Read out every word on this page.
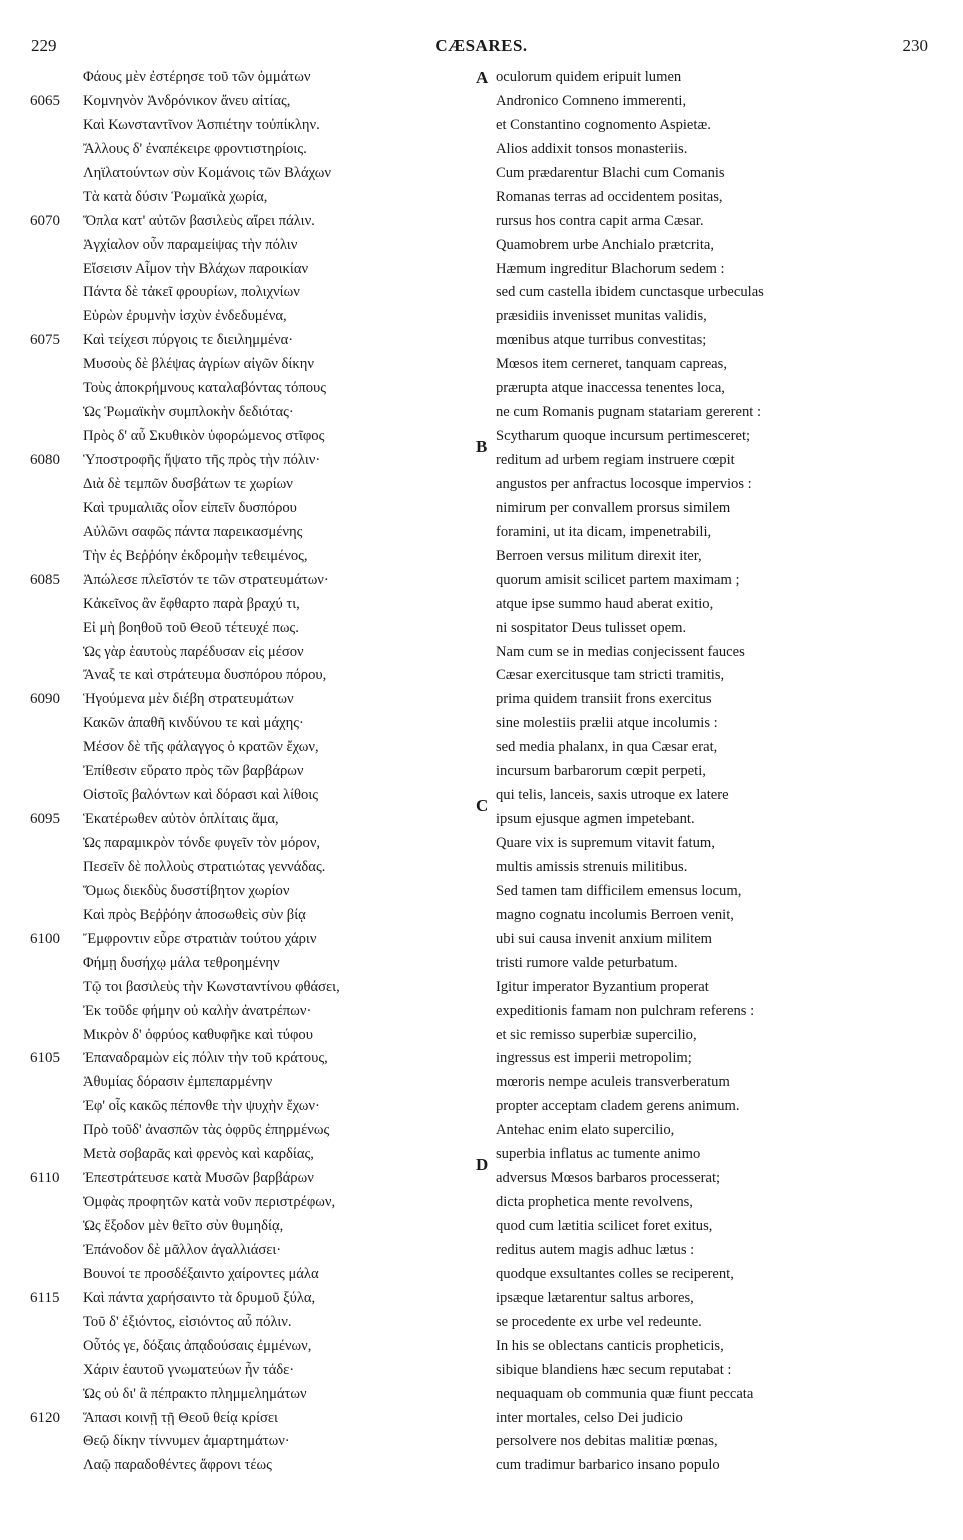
229	CÆSARES.	230
Φάους μὲν ἐστέρησε τοῦ τῶν ὀμμάτων
6065	Κομνηνὸν Ἀνδρόνικον ἄνευ αἰτίας,
Καὶ Κωνσταντῖνον Ἀσπιέτην τοὐπίκλην.
Ἄλλους δ' ἐναπέκειρε φροντιστηρίοις.
Ληϊλατούντων σὺν Κομάνοις τῶν Βλάχων
Τὰ κατὰ δύσιν Ῥωμαϊκὰ χωρία,
6070	Ὅπλα κατ' αὐτῶν βασιλεὺς αἴρει πάλιν.
Ἀγχίαλον οὖν παραμείψας τὴν πόλιν
Εἴσεισιν Αἷμον τὴν Βλάχων παροικίαν
Πάντα δὲ τἀκεῖ φρουρίων, πολιχνίων
Εὑρὼν ἐρυμνὴν ἰσχὺν ἐνδεδυμένα,
6075	Καὶ τείχεσι πύργοις τε διειλημμένα·
Μυσοὺς δὲ βλέψας ἀγρίων αἰγῶν δίκην
Τοὺς ἀποκρήμνους καταλαβόντας τόπους
Ὡς Ῥωμαϊκὴν συμπλοκὴν δεδιότας·
Πρὸς δ' αὖ Σκυθικὸν ὑφορώμενος στῖφος
6080	Ὑποστροφῆς ἥψατο τῆς πρὸς τὴν πόλιν·
Διὰ δὲ τεμπῶν δυσβάτων τε χωρίων
Καὶ τρυμαλιᾶς οἷον εἰπεῖν δυσπόρου
Αὐλῶνι σαφῶς πάντα παρεικασμένης
Τὴν ἐς Βεῤῥόην ἐκδρομὴν τεθειμένος,
6085	Ἀπώλεσε πλεῖστόν τε τῶν στρατευμάτων·
Κἀκεῖνος ἂν ἔφθαρτο παρὰ βραχύ τι,
Εἰ μὴ βοηθοῦ τοῦ Θεοῦ τέτευχέ πως.
Ὡς γὰρ ἑαυτοὺς παρέδυσαν εἰς μέσον
Ἄναξ τε καὶ στράτευμα δυσπόρου πόρου,
6090	Ἡγούμενα μὲν διέβη στρατευμάτων
Κακῶν ἀπαθῆ κινδύνου τε καὶ μάχης·
Μέσον δὲ τῆς φάλαγγος ὁ κρατῶν ἔχων,
Ἐπίθεσιν εὕρατο πρὸς τῶν βαρβάρων
Οἰστοῖς βαλόντων καὶ δόρασι καὶ λίθοις
6095	Ἑκατέρωθεν αὐτὸν ὁπλίταις ἅμα,
Ὡς παραμικρὸν τόνδε φυγεῖν τὸν μόρον,
Πεσεῖν δὲ πολλοὺς στρατιώτας γεννάδας.
Ὅμως διεκδὺς δυσστίβητον χωρίον
Καὶ πρὸς Βεῤῥόην ἀποσωθεὶς σὺν βίᾳ
6100	Ἔμφροντιν εὗρε στρατιὰν τούτου χάριν
Φήμῃ δυσήχῳ μάλα τεθροημένην
Τῷ τοι βασιλεὺς τὴν Κωνσταντίνου φθάσει,
Ἐκ τοῦδε φήμην οὐ καλὴν ἀνατρέπων·
Μικρὸν δ' ὀφρύος καθυφῆκε καὶ τύφου
6105	Ἐπαναδραμὼν εἰς πόλιν τὴν τοῦ κράτους,
Ἀθυμίας δόρασιν ἐμπεπαρμένην
Ἐφ' οἷς κακῶς πέπονθε τὴν ψυχὴν ἔχων·
Πρὸ τοῦδ' ἀνασπῶν τὰς ὀφρῦς ἐπηρμένως
Μετὰ σοβαρᾶς καὶ φρενὸς καὶ καρδίας,
6110	Ἐπεστράτευσε κατὰ Μυσῶν βαρβάρων
Ὀμφὰς προφητῶν κατὰ νοῦν περιστρέφων,
Ὡς ἔξοδον μὲν θεῖτο σὺν θυμηδίᾳ,
Ἐπάνοδον δὲ μᾶλλον ἀγαλλιάσει·
Βουνοί τε προσδέξαιντο χαίροντες μάλα
6115	Καὶ πάντα χαρήσαιντο τὰ δρυμοῦ ξύλα,
Τοῦ δ' ἐξιόντος, εἰσιόντος αὖ πόλιν.
Οὗτός γε, δόξαις ἀπᾳδούσαις ἐμμένων,
Χάριν ἑαυτοῦ γνωματεύων ἦν τάδε·
Ὡς οὐ δι' ἃ πέπρακτο πλημμελημάτων
6120	Ἅπασι κοινῇ τῇ Θεοῦ θείᾳ κρίσει
Θεῷ δίκην τίννυμεν ἁμαρτημάτων·
Λαῷ παραδοθέντες ἄφρονι τέως
A oculorum quidem eripuit lumen
Andronico Comneno immerenti,
et Constantino cognomento Aspietæ.
Alios addixit tonsos monasteriis.
Cum prædarentur Blachi cum Comanis
Romanas terras ad occidentem positas,
rursus hos contra capit arma Cæsar.
Quamobrem urbe Anchialo prætcrita,
Hæmum ingreditur Blachorum sedem :
sed cum castella ibidem cunctasque urbeculas
præsidiis invenisset munitas validis,
mœnibus atque turribus convestitas;
Mœsos item cerneret, tanquam capreas,
prærupta atque inaccessa tenentes loca,
ne cum Romanis pugnam statariam gererent :
B
Scytharum quoque incursum pertimesceret;
reditum ad urbem regiam instruere cœpit
angustos per anfractus locosque impervios :
nimirum per convallem prorsus similem
foramini, ut ita dicam, impenetrabili,
Berroen versus militum direxit iter,
quorum amisit scilicet partem maximam ;
atque ipse summo haud aberat exitio,
ni sospitator Deus tulisset opem.
Nam cum se in medias conjecissent fauces
Cæsar exercitusque tam stricti tramitis,
prima quidem transiit frons exercitus
sine molestiis prælii atque incolumis :
sed media phalanx, in qua Cæsar erat,
incursum barbarorum cœpit perpeti,
C
qui telis, lanceis, saxis utroque ex latere
ipsum ejusque agmen impetebant.
Quare vix is supremum vitavit fatum,
multis amissis strenuis militibus.
Sed tamen tam difficilem emensus locum,
magno cognatu incolumis Berroen venit,
ubi sui causa invenit anxium militem
tristi rumore valde peturbatum.
Igitur imperator Byzantium properat
expeditionis famam non pulchram referens :
et sic remisso superbiæ supercilio,
ingressus est imperii metropolim;
mœroris nempe aculeis transverberatum
propter acceptam cladem gerens animum.
Antehac enim elato supercilio,
D
superbia inflatus ac tumente animo
adversus Mœsos barbaros processerat;
dicta prophetica mente revolvens,
quod cum lætitia scilicet foret exitus,
reditus autem magis adhuc lætus :
quodque exsultantes colles se reciperent,
ipsæque lætarentur saltus arbores,
se procedente ex urbe vel redeunte.
In his se oblectans canticis propheticis,
sibique blandiens hæc secum reputabat :
nequaquam ob communia quæ fiunt peccata
inter mortales, celso Dei judicio
persolvere nos debitas malitiæ pœnas,
cum tradimur barbarico insano populo
